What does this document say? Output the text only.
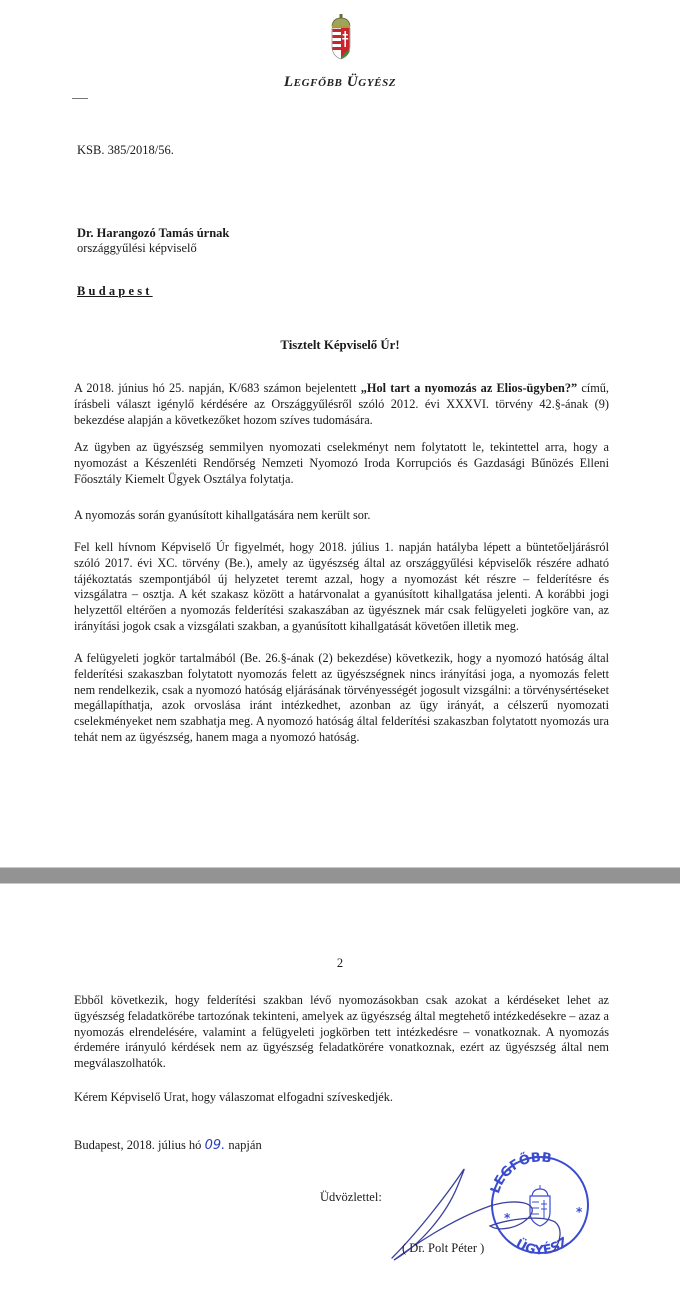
Legfőbb Ügyész
KSB. 385/2018/56.
Dr. Harangozó Tamás úrnak
országgyűlési képviselő
Budapest
Tisztelt Képviselő Úr!

A 2018. június hó 25. napján, K/683 számon bejelentett „Hol tart a nyomozás az Elios-ügyben?” című, írásbeli választ igénylő kérdésére az Országgyűlésről szóló 2012. évi XXXVI. törvény 42.§-ának (9) bekezdése alapján a következőket hozom szíves tudomására.

Az ügyben az ügyészség semmilyen nyomozati cselekményt nem folytatott le, tekintettel arra, hogy a nyomozást a Készenléti Rendőrség Nemzeti Nyomozó Iroda Korrupciós és Gazdasági Bűnözés Elleni Főosztály Kiemelt Ügyek Osztálya folytatja.

A nyomozás során gyanúsított kihallgatására nem került sor.

Fel kell hívnom Képviselő Úr figyelmét, hogy 2018. július 1. napján hatályba lépett a büntetőeljárásról szóló 2017. évi XC. törvény (Be.), amely az ügyészség által az országgyűlési képviselők részére adható tájékoztatás szempontjából új helyzetet teremt azzal, hogy a nyomozást két részre – felderítésre és vizsgálatra – osztja. A két szakasz között a határvonalat a gyanúsított kihallgatása jelenti. A korábbi jogi helyzettől eltérően a nyomozás felderítési szakaszában az ügyésznek már csak felügyeleti jogköre van, az irányítási jogok csak a vizsgálati szakban, a gyanúsított kihallgatását követően illetik meg.

A felügyeleti jogkör tartalmából (Be. 26.§-ának (2) bekezdése) következik, hogy a nyomozó hatóság által felderítési szakaszban folytatott nyomozás felett az ügyészségnek nincs irányítási joga, a nyomozás felett nem rendelkezik, csak a nyomozó hatóság eljárásának törvényességét jogosult vizsgálni: a törvénysértéseket megállapíthatja, azok orvoslása iránt intézkedhet, azonban az ügy irányát, a célszerű nyomozati cselekményeket nem szabhatja meg. A nyomozó hatóság által felderítési szakaszban folytatott nyomozás ura tehát nem az ügyészség, hanem maga a nyomozó hatóság.

2

Ebből következik, hogy felderítési szakban lévő nyomozásokban csak azokat a kérdéseket lehet az ügyészség feladatkörébe tartozónak tekinteni, amelyek az ügyészség által megtehető intézkedésekre – azaz a nyomozás elrendelésére, valamint a felügyeleti jogkörben tett intézkedésre – vonatkoznak. A nyomozás érdemére irányuló kérdések nem az ügyészség feladatkörére vonatkoznak, ezért az ügyészség által nem megválaszolhatók.

Kérem Képviselő Urat, hogy válaszomat elfogadni szíveskedjék.

Budapest, 2018. július hó 09. napján
Üdvözlettel:
LEGFŐBB
ÜGYÉSZ
*	*
( Dr. Polt Péter )
